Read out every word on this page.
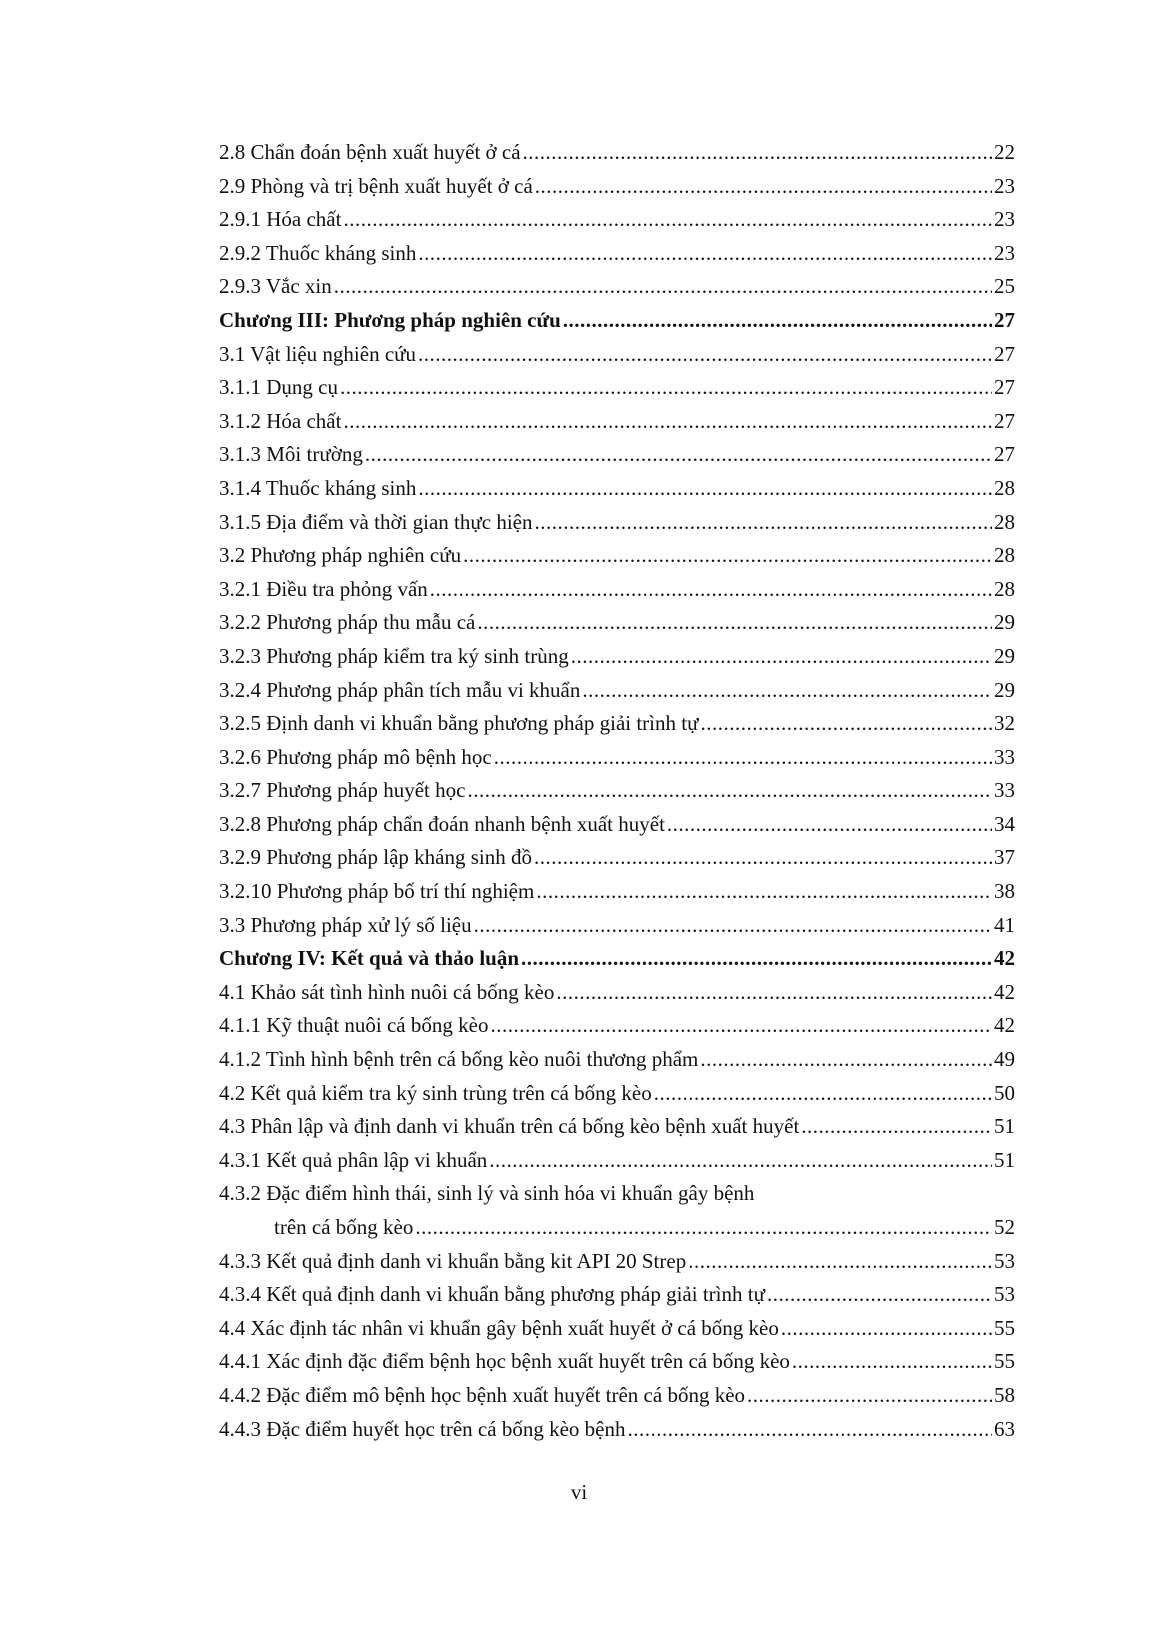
2.8 Chẩn đoán bệnh xuất huyết ở cá .....	22
2.9 Phòng và trị bệnh xuất huyết ở cá .....	23
2.9.1 Hóa chất .....	23
2.9.2 Thuốc kháng sinh .....	23
2.9.3 Vắc xin .....	25
Chương III: Phương pháp nghiên cứu .....	27
3.1 Vật liệu nghiên cứu .....	27
3.1.1 Dụng cụ .....	27
3.1.2 Hóa chất .....	27
3.1.3 Môi trường .....	27
3.1.4 Thuốc kháng sinh .....	28
3.1.5 Địa điểm và thời gian thực hiện .....	28
3.2 Phương pháp nghiên cứu .....	28
3.2.1 Điều tra phỏng vấn .....	28
3.2.2 Phương pháp thu mẫu cá .....	29
3.2.3 Phương pháp kiểm tra ký sinh trùng .....	29
3.2.4 Phương pháp phân tích mẫu vi khuẩn .....	29
3.2.5 Định danh vi khuẩn bằng phương pháp giải trình tự .....	32
3.2.6 Phương pháp mô bệnh học .....	33
3.2.7 Phương pháp huyết học .....	33
3.2.8 Phương pháp chẩn đoán nhanh bệnh xuất huyết .....	34
3.2.9 Phương pháp lập kháng sinh đồ .....	37
3.2.10 Phương pháp bố trí thí nghiệm .....	38
3.3 Phương pháp xử lý số liệu .....	41
Chương IV: Kết quả và thảo luận .....	42
4.1 Khảo sát tình hình nuôi cá bống kèo .....	42
4.1.1 Kỹ thuật nuôi cá bống kèo .....	42
4.1.2 Tình hình bệnh trên cá bống kèo nuôi thương phẩm .....	49
4.2 Kết quả kiểm tra ký sinh trùng trên cá bống kèo .....	50
4.3 Phân lập và định danh vi khuẩn trên cá bống kèo bệnh xuất huyết .....	51
4.3.1 Kết quả phân lập vi khuẩn .....	51
4.3.2 Đặc điểm hình thái, sinh lý và sinh hóa vi khuẩn gây bệnh
trên cá bống kèo .....	52
4.3.3 Kết quả định danh vi khuẩn bằng kit API 20 Strep .....	53
4.3.4 Kết quả định danh vi khuẩn bằng phương pháp giải trình tự .....	53
4.4 Xác định tác nhân vi khuẩn gây bệnh xuất huyết ở cá bống kèo .....	55
4.4.1 Xác định đặc điểm bệnh học bệnh xuất huyết trên cá bống kèo .....	55
4.4.2 Đặc điểm mô bệnh học bệnh xuất huyết trên cá bống kèo .....	58
4.4.3 Đặc điểm huyết học trên cá bống kèo bệnh .....	63
vi
